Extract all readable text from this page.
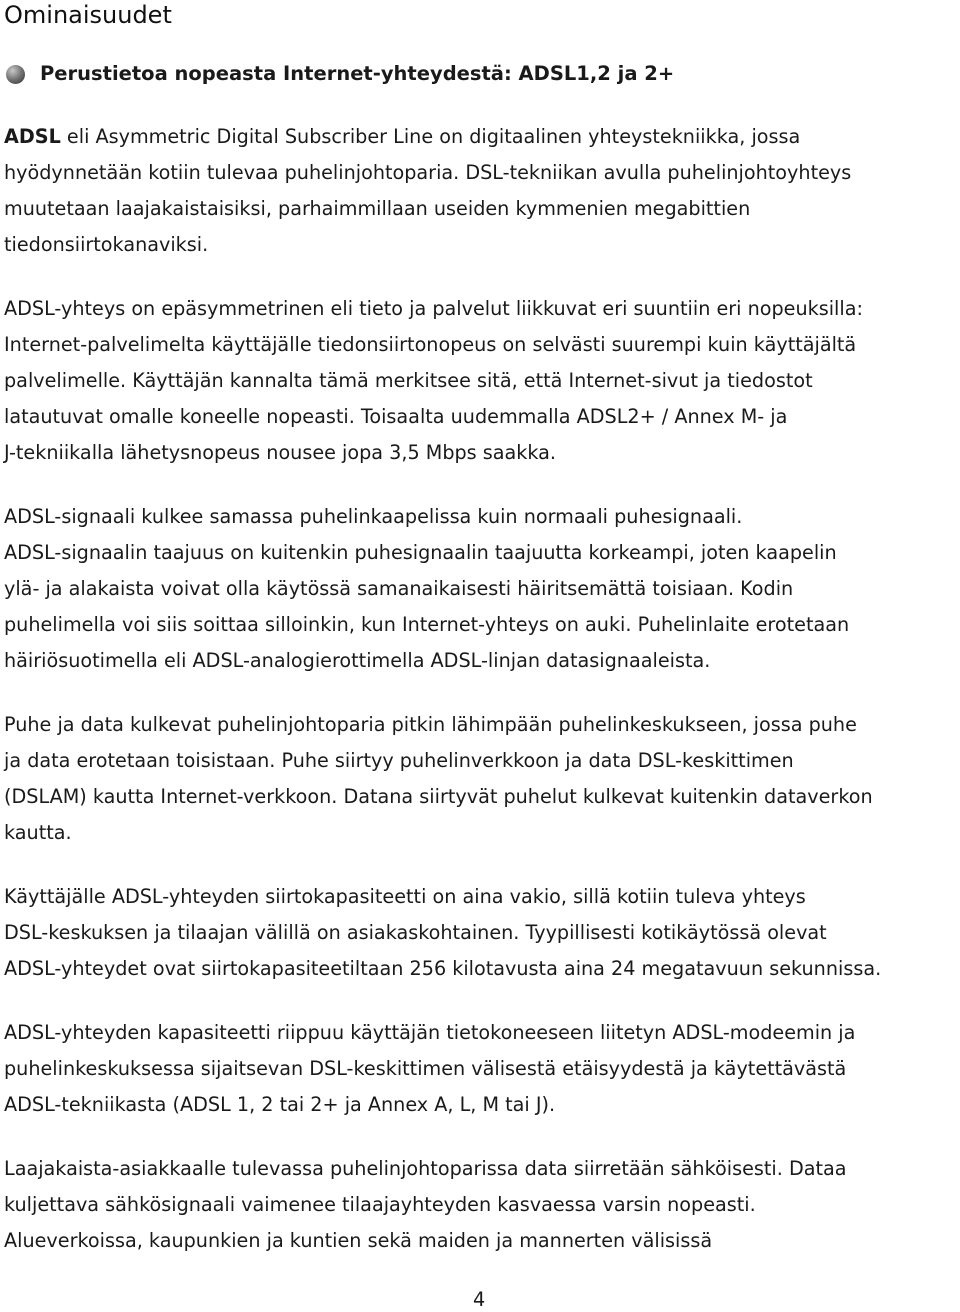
Ominaisuudet
Perustietoa nopeasta Internet-yhteydestä: ADSL1,2 ja 2+

ADSL eli Asymmetric Digital Subscriber Line on digitaalinen yhteystekniikka, jossa
hyödynnetään kotiin tulevaa puhelinjohtoparia. DSL-tekniikan avulla puhelinjohtoyhteys
muutetaan laajakaistaisiksi, parhaimmillaan useiden kymmenien megabittien
tiedonsiirtokanaviksi.

ADSL-yhteys on epäsymmetrinen eli tieto ja palvelut liikkuvat eri suuntiin eri nopeuksilla:
Internet-palvelimelta käyttäjälle tiedonsiirtonopeus on selvästi suurempi kuin käyttäjältä
palvelimelle. Käyttäjän kannalta tämä merkitsee sitä, että Internet-sivut ja tiedostot
latautuvat omalle koneelle nopeasti. Toisaalta uudemmalla ADSL2+ / Annex M- ja
J-tekniikalla lähetysnopeus nousee jopa 3,5 Mbps saakka.

ADSL-signaali kulkee samassa puhelinkaapelissa kuin normaali puhesignaali.
ADSL-signaalin taajuus on kuitenkin puhesignaalin taajuutta korkeampi, joten kaapelin
ylä- ja alakaista voivat olla käytössä samanaikaisesti häiritsemättä toisiaan. Kodin
puhelimella voi siis soittaa silloinkin, kun Internet-yhteys on auki. Puhelinlaite erotetaan
häiriösuotimella eli ADSL-analogierottimella ADSL-linjan datasignaaleista.

Puhe ja data kulkevat puhelinjohtoparia pitkin lähimpään puhelinkeskukseen, jossa puhe
ja data erotetaan toisistaan. Puhe siirtyy puhelinverkkoon ja data DSL-keskittimen
(DSLAM) kautta Internet-verkkoon. Datana siirtyvät puhelut kulkevat kuitenkin dataverkon
kautta.

Käyttäjälle ADSL-yhteyden siirtokapasiteetti on aina vakio, sillä kotiin tuleva yhteys
DSL-keskuksen ja tilaajan välillä on asiakaskohtainen. Tyypillisesti kotikäytössä olevat
ADSL-yhteydet ovat siirtokapasiteetiltaan 256 kilotavusta aina 24 megatavuun sekunnissa.

ADSL-yhteyden kapasiteetti riippuu käyttäjän tietokoneeseen liitetyn ADSL-modeemin ja
puhelinkeskuksessa sijaitsevan DSL-keskittimen välisestä etäisyydestä ja käytettävästä
ADSL-tekniikasta (ADSL 1, 2 tai 2+ ja Annex A, L, M tai J).

Laajakaista-asiakkaalle tulevassa puhelinjohtoparissa data siirretään sähköisesti. Dataa
kuljettava sähkösignaali vaimenee tilaajayhteyden kasvaessa varsin nopeasti.
Alueverkoissa, kaupunkien ja kuntien sekä maiden ja mannerten välisissä

4
